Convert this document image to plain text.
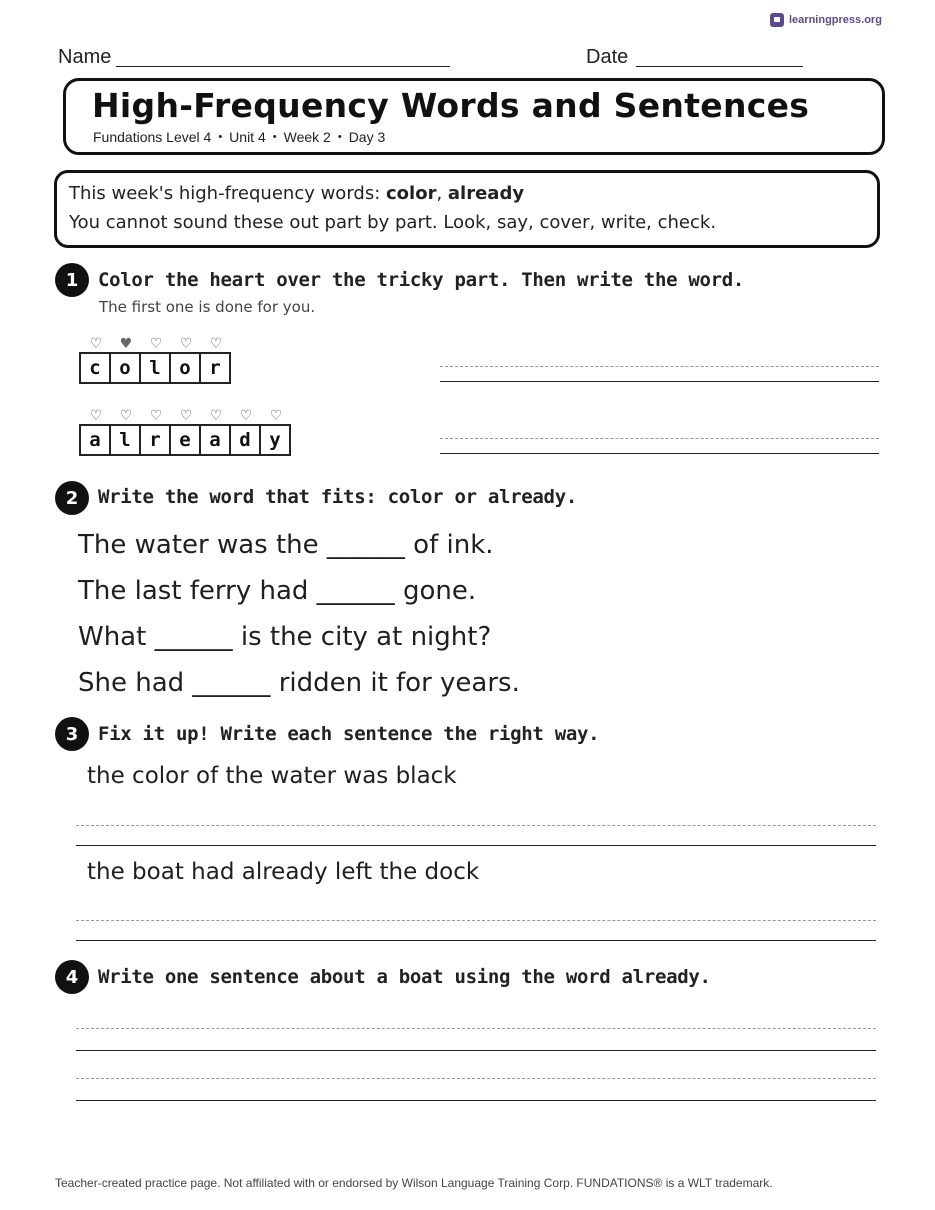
learningpress.org
Name	Date
High-Frequency Words and Sentences
Fundations Level 4 • Unit 4 • Week 2 • Day 3
This week's high-frequency words: color, already
You cannot sound these out part by part. Look, say, cover, write, check.
1	Color the heart over the tricky part. Then write the word.
The first one is done for you.
♡	♥	♡	♡	♡
c o l o r
♡	♡	♡	♡	♡	♡	♡
a l r e a d y
2	Write the word that fits: color or already.
The water was the ______ of ink.
The last ferry had ______ gone.
What ______ is the city at night?
She had ______ ridden it for years.
3	Fix it up! Write each sentence the right way.
the color of the water was black
the boat had already left the dock
4	Write one sentence about a boat using the word already.
Teacher-created practice page. Not affiliated with or endorsed by Wilson Language Training Corp. FUNDATIONS® is a WLT trademark.
